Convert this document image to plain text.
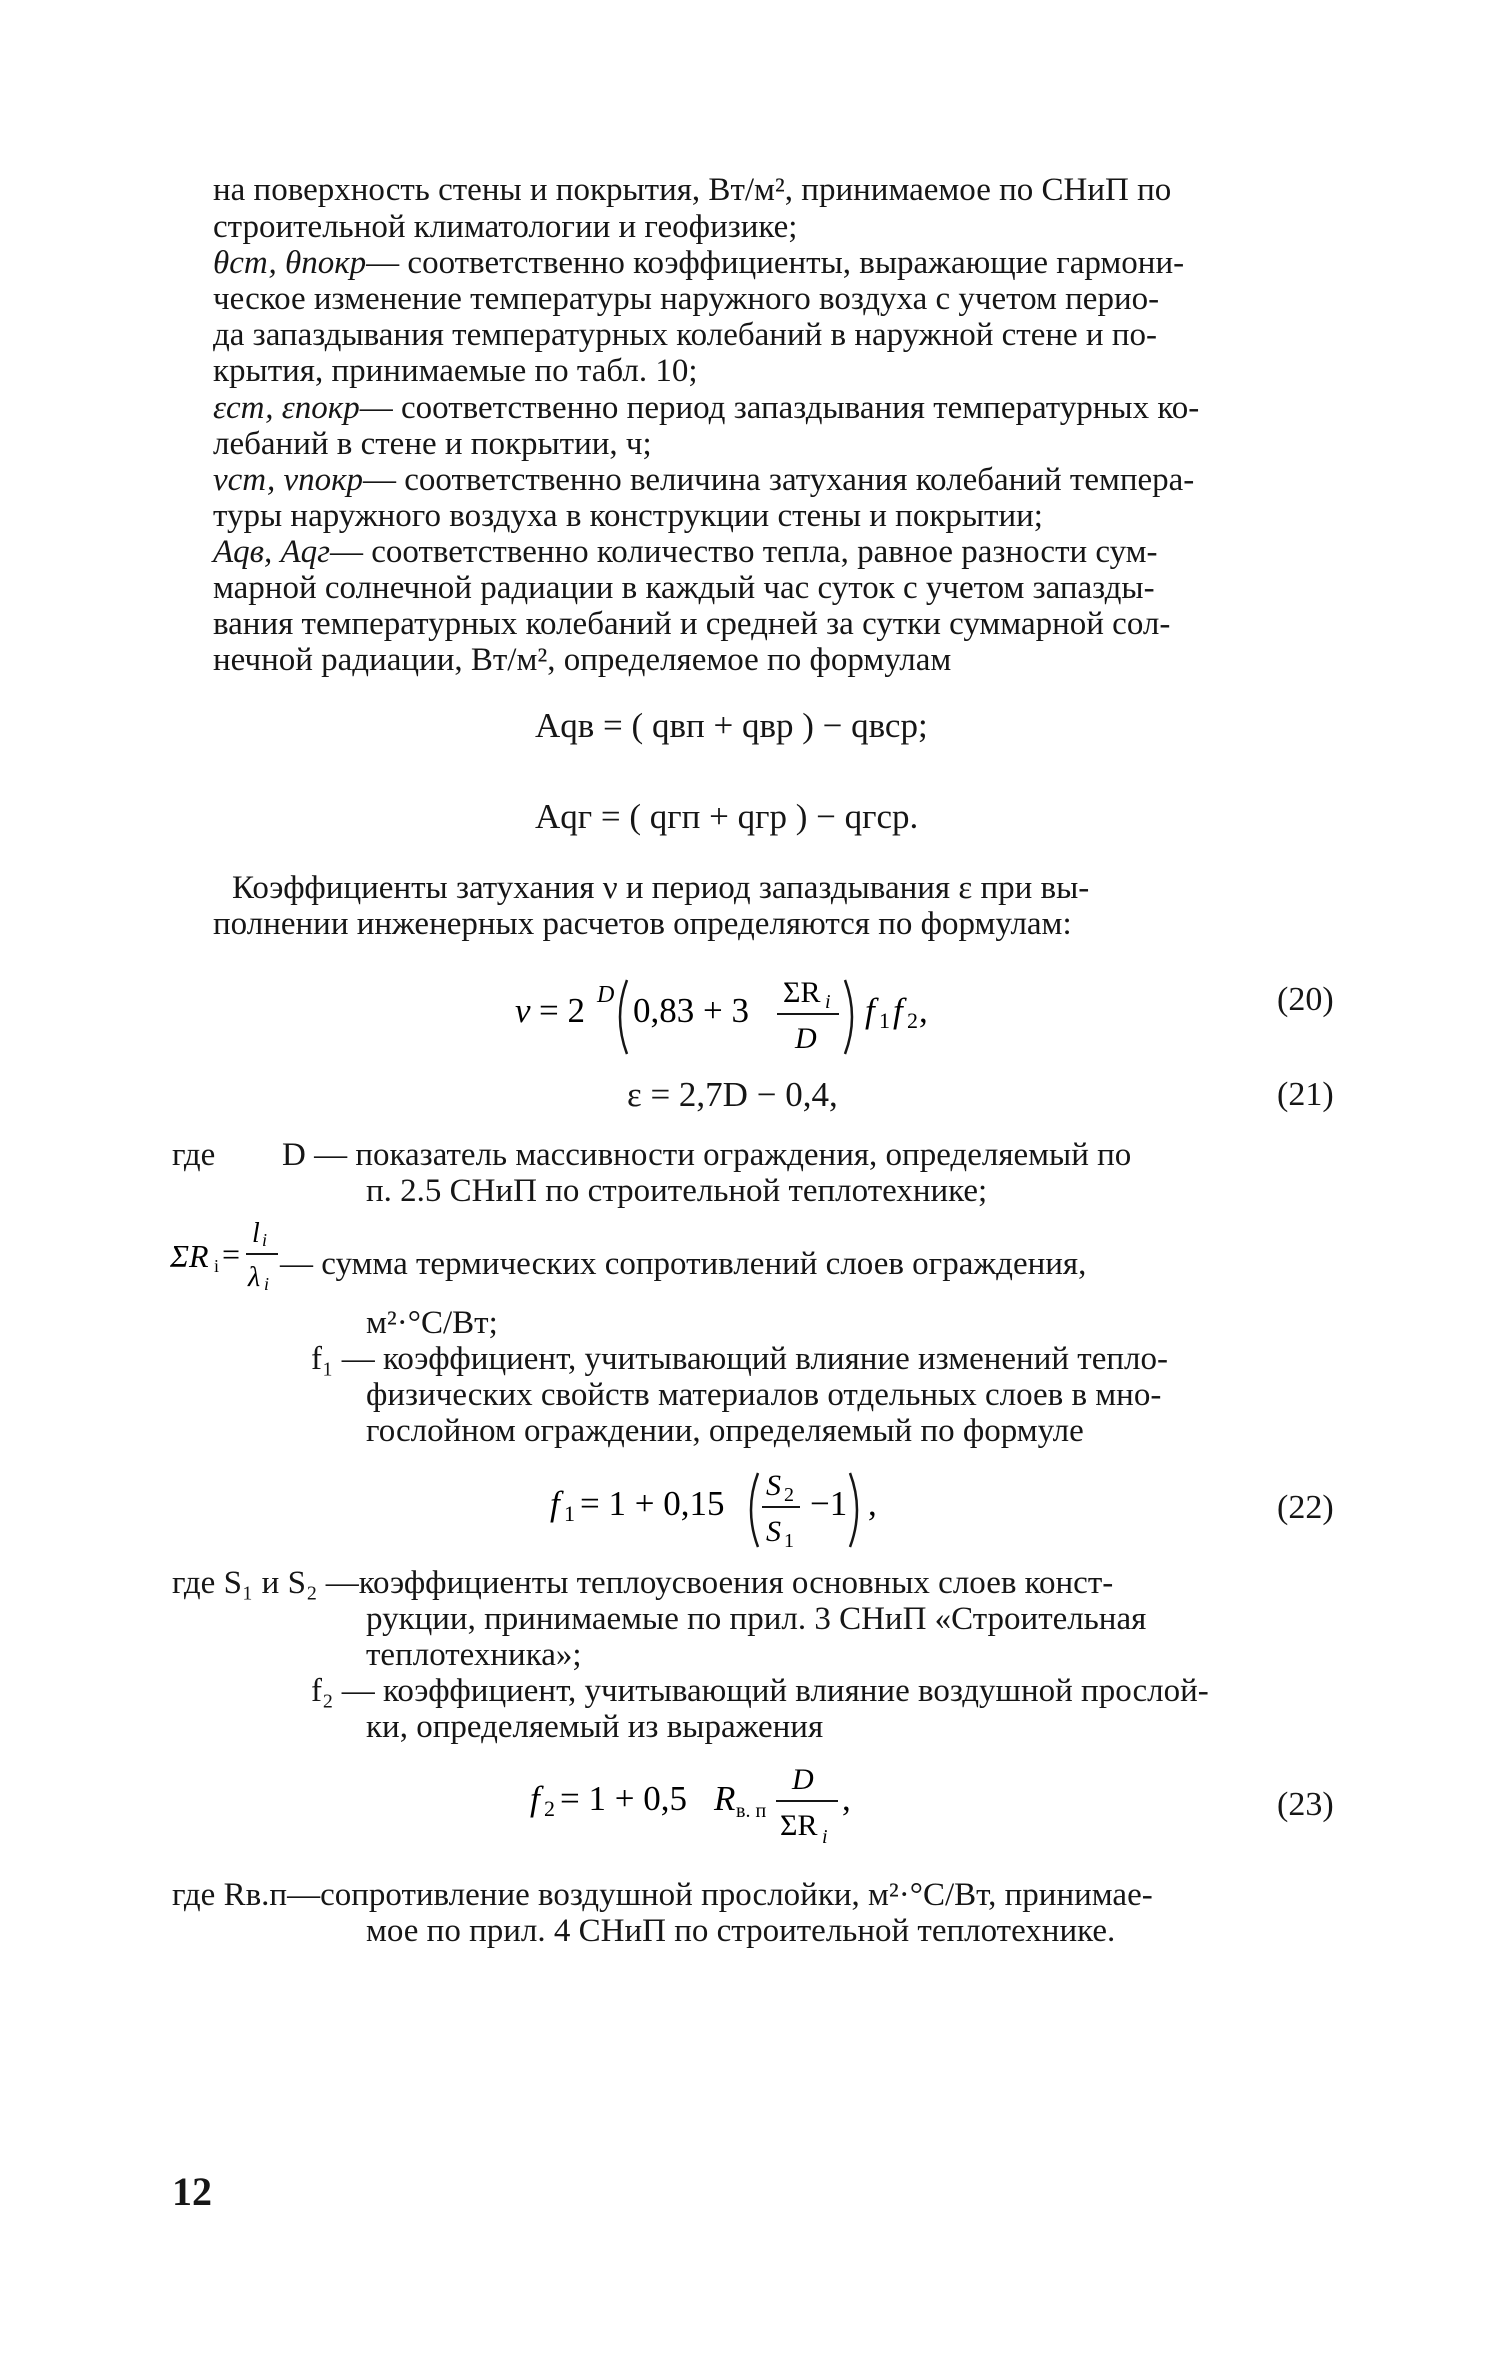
на поверхность стены и покрытия, Вт/м², принимаемое по СНиП по
строительной климатологии и геофизике;
θст, θпокр— соответственно коэффициенты, выражающие гармони-
ческое изменение температуры наружного воздуха с учетом перио-
да запаздывания температурных колебаний в наружной стене и по-
крытия, принимаемые по табл. 10;
εст, εпокр— соответственно период запаздывания температурных ко-
лебаний в стене и покрытии, ч;
νст, νпокр— соответственно величина затухания колебаний темпера-
туры наружного воздуха в конструкции стены и покрытии;
Aqв, Aqг— соответственно количество тепла, равное разности сум-
марной солнечной радиации в каждый час суток с учетом запазды-
вания температурных колебаний и средней за сутки суммарной сол-
нечной радиации, Вт/м², определяемое по формулам
Aqв = ( qвп + qвр ) − qвср;
Aqг = ( qгп + qгр ) − qгср.
Коэффициенты затухания ν и период запаздывания ε при вы-
полнении инженерных расчетов определяются по формулам:
ν = 2 D 0,83 + 3 ΣR i
D
f 1 f 2 ,	(20)
ε = 2,7D − 0,4,	(21)
где D — показатель массивности ограждения, определяемый по
п. 2.5 СНиП по строительной теплотехнике;
ΣR i =
l i
λ i
— сумма термических сопротивлений слоев ограждения,
м²·°С/Вт;
f₁ — коэффициент, учитывающий влияние изменений тепло-
физических свойств материалов отдельных слоев в мно-
гослойном ограждении, определяемый по формуле
f 1 = 1 + 0,15 S 2
S 1
−1 ,	(22)
где S₁ и S₂ —коэффициенты теплоусвоения основных слоев конст-
рукции, принимаемые по прил. 3 СНиП «Строительная
теплотехника»;
f₂ — коэффициент, учитывающий влияние воздушной прослой-
ки, определяемый из выражения
f 2 = 1 + 0,5 R в. п
D
ΣR i
,	(23)
где Rв.п—сопротивление воздушной прослойки, м²·°С/Вт, принимае-
мое по прил. 4 СНиП по строительной теплотехнике.
12
